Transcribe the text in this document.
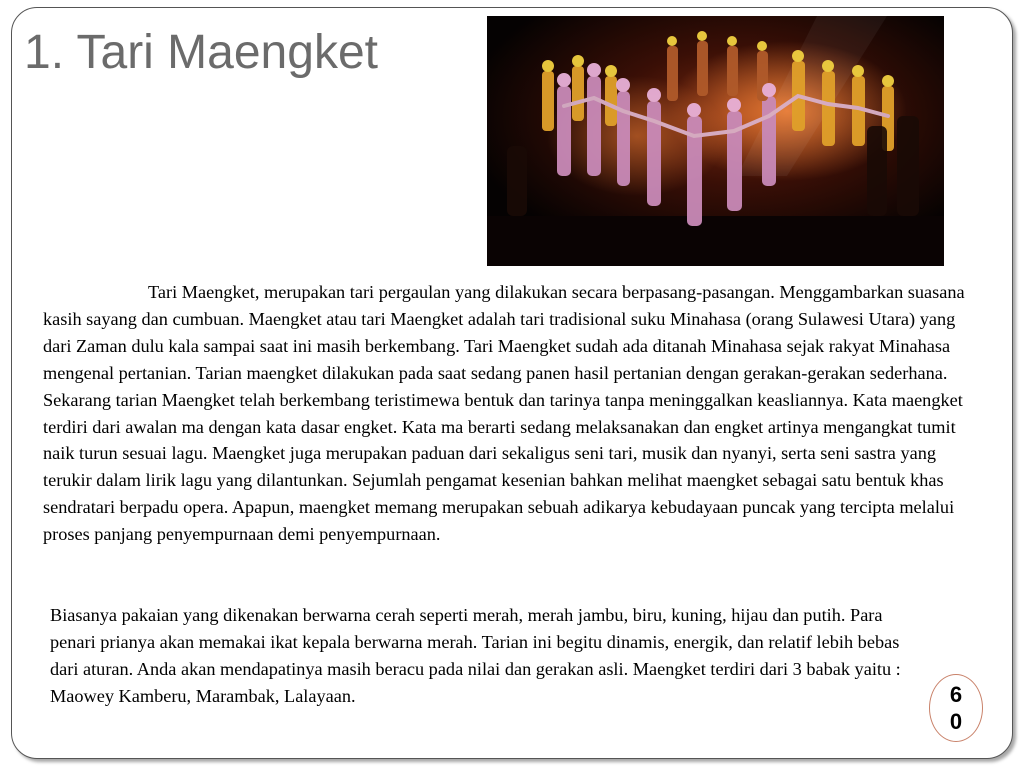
1. Tari Maengket

Tari Maengket, merupakan tari pergaulan yang dilakukan secara berpasang-pasangan. Menggambarkan suasana kasih sayang dan cumbuan. Maengket atau tari Maengket adalah tari tradisional suku Minahasa (orang Sulawesi Utara) yang dari Zaman dulu kala sampai saat ini masih berkembang. Tari Maengket sudah ada ditanah Minahasa sejak rakyat Minahasa mengenal pertanian. Tarian maengket dilakukan pada saat sedang panen hasil pertanian dengan gerakan-gerakan sederhana. Sekarang tarian Maengket telah berkembang teristimewa bentuk dan tarinya tanpa meninggalkan keasliannya. Kata maengket terdiri dari awalan ma dengan kata dasar engket. Kata ma berarti sedang melaksanakan dan engket artinya mengangkat tumit naik turun sesuai lagu. Maengket juga merupakan paduan dari sekaligus seni tari, musik dan nyanyi, serta seni sastra yang terukir dalam lirik lagu yang dilantunkan. Sejumlah pengamat kesenian bahkan melihat maengket sebagai satu bentuk khas sendratari berpadu opera. Apapun, maengket memang merupakan sebuah adikarya kebudayaan puncak yang tercipta melalui proses panjang penyempurnaan demi penyempurnaan.

Biasanya pakaian yang dikenakan berwarna cerah seperti merah, merah jambu, biru, kuning, hijau dan putih. Para penari prianya akan memakai ikat kepala berwarna merah. Tarian ini begitu dinamis, energik, dan relatif lebih bebas dari aturan. Anda akan mendapatinya masih beracu pada nilai dan gerakan asli. Maengket terdiri dari 3 babak yaitu : Maowey Kamberu, Marambak, Lalayaan.	60
